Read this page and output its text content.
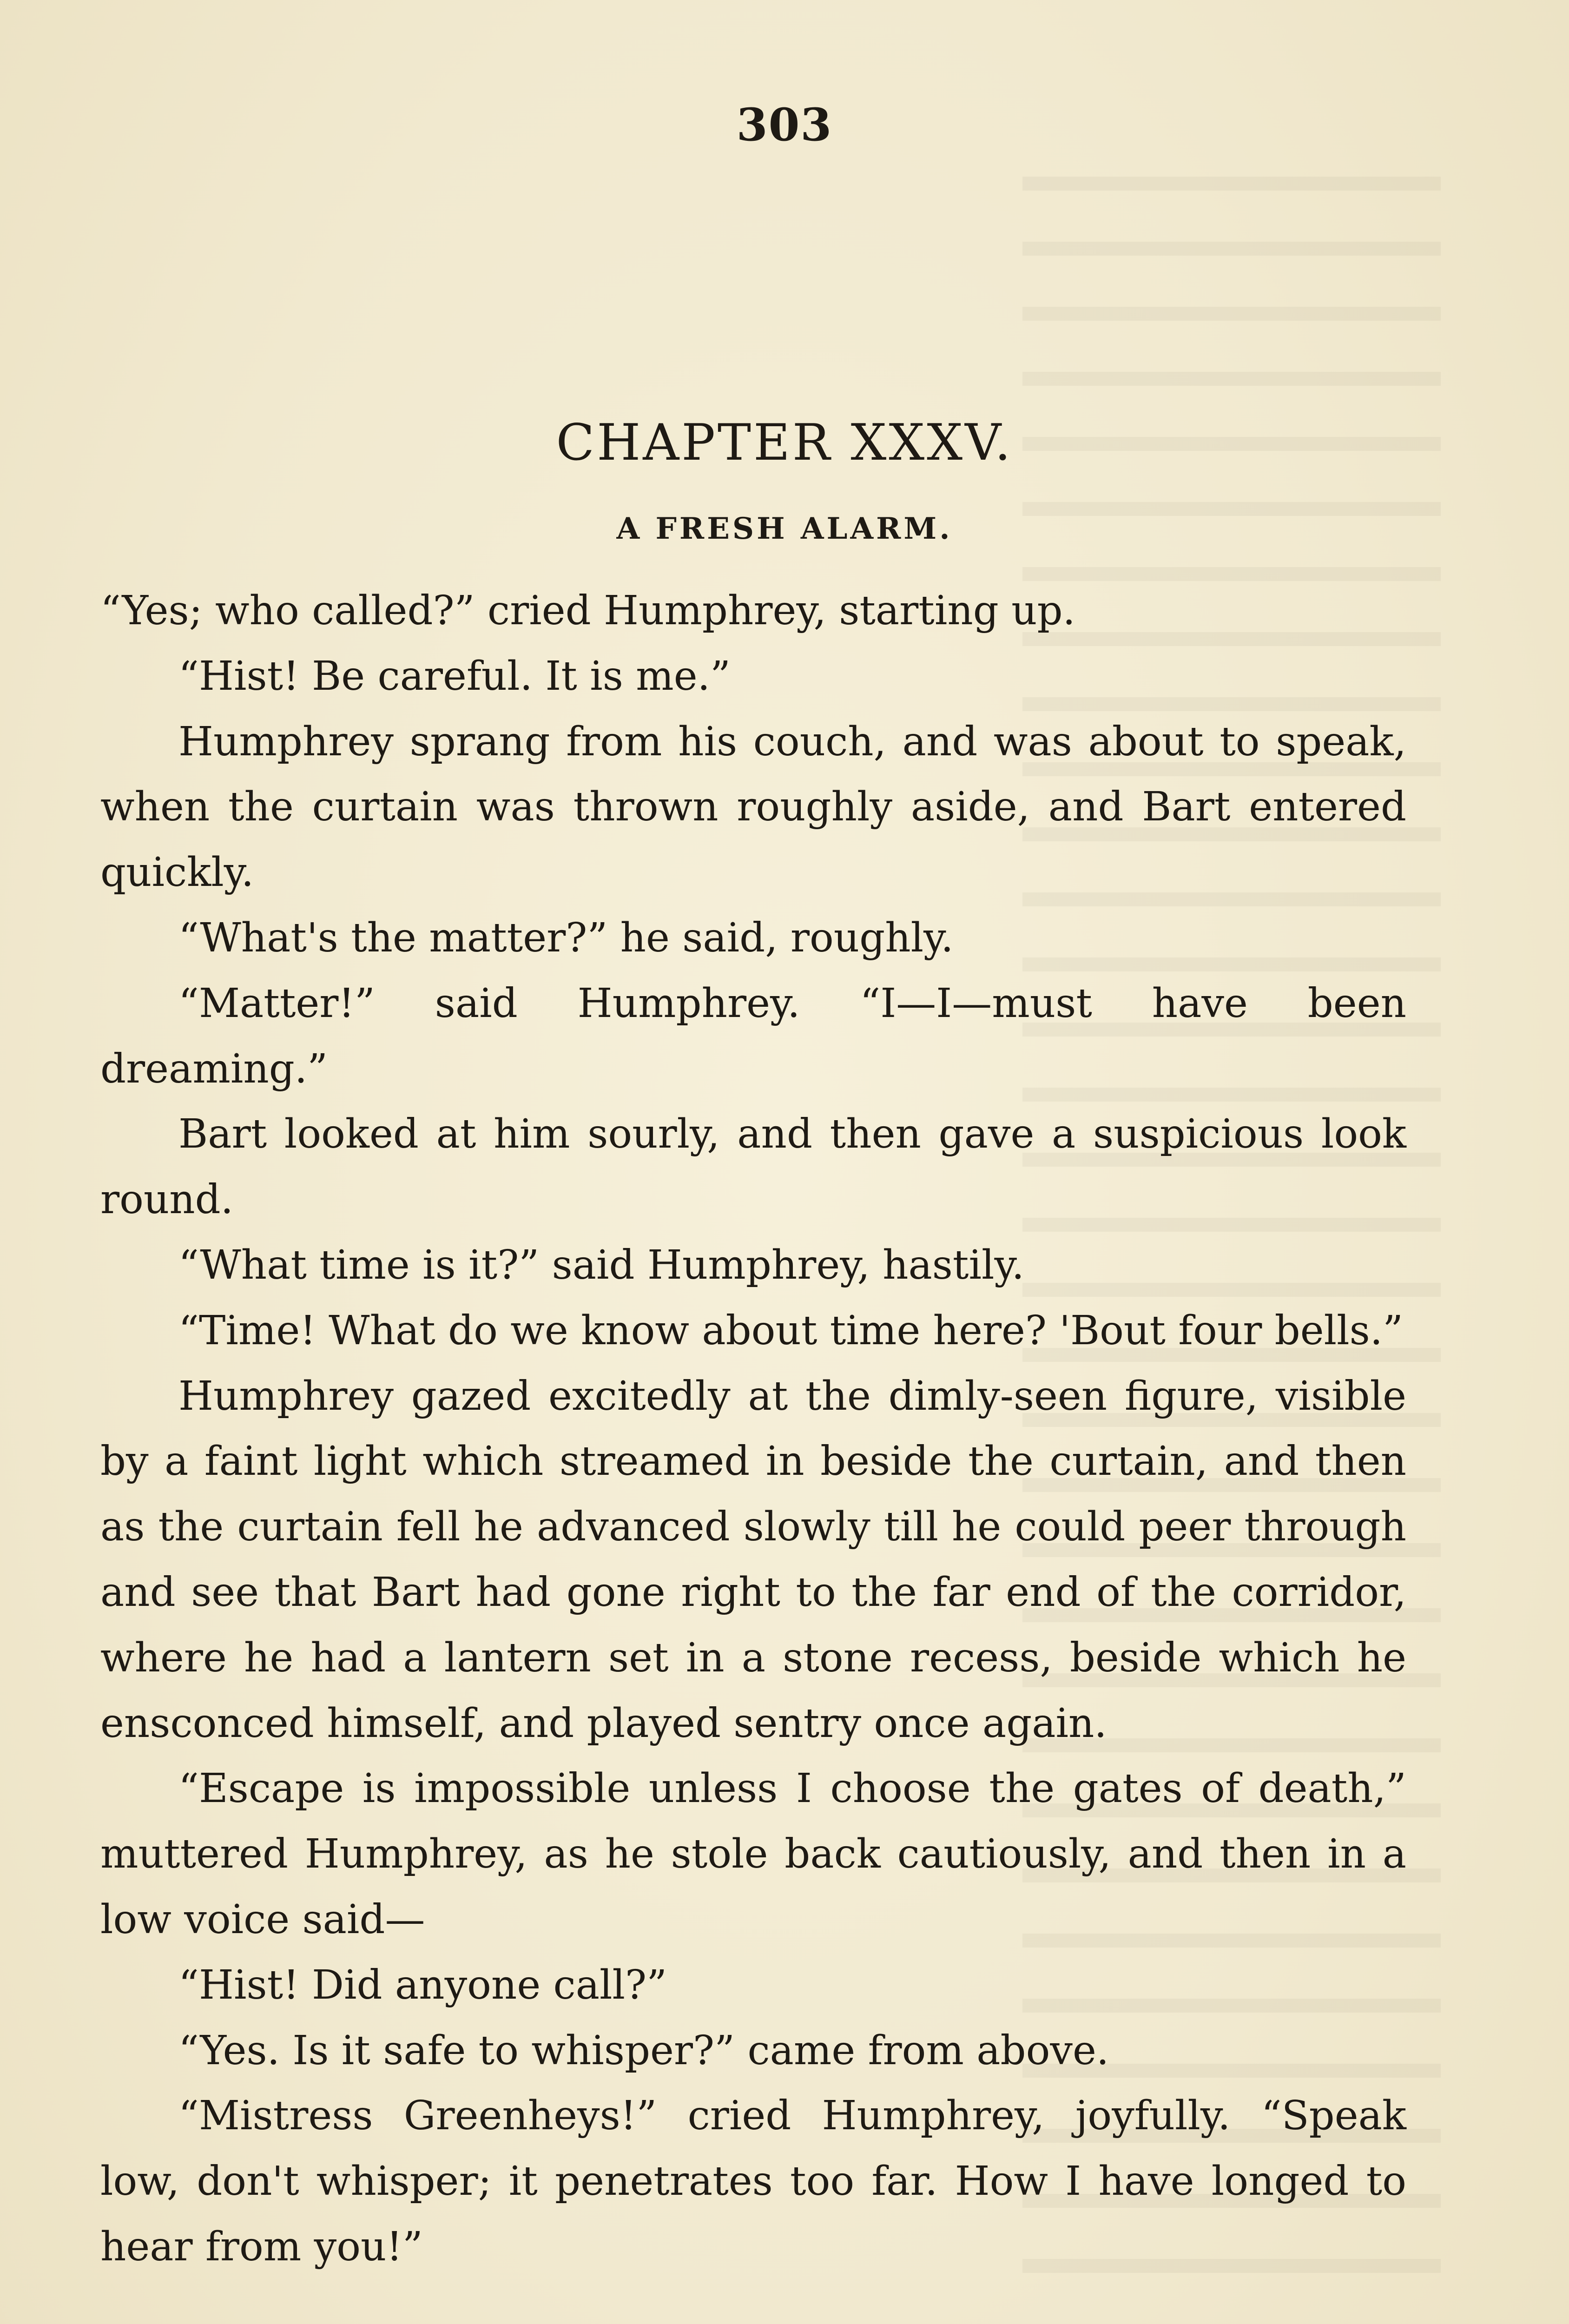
303
CHAPTER XXXV.
A FRESH ALARM.

“Yes; who called?” cried Humphrey, starting up.

“Hist! Be careful. It is me.”

Humphrey sprang from his couch, and was about to speak, when the curtain was thrown roughly aside, and Bart entered quickly.

“What's the matter?” he said, roughly.

“Matter!” said Humphrey. “I—I—must have been dreaming.”

Bart looked at him sourly, and then gave a suspicious look round.

“What time is it?” said Humphrey, hastily.

“Time! What do we know about time here? 'Bout four bells.”

Humphrey gazed excitedly at the dimly-seen figure, visible by a faint light which streamed in beside the curtain, and then as the curtain fell he advanced slowly till he could peer through and see that Bart had gone right to the far end of the corridor, where he had a lantern set in a stone recess, beside which he ensconced himself, and played sentry once again.

“Escape is impossible unless I choose the gates of death,” muttered Humphrey, as he stole back cautiously, and then in a low voice said—

“Hist! Did anyone call?”

“Yes. Is it safe to whisper?” came from above.

“Mistress Greenheys!” cried Humphrey, joyfully. “Speak low, don't whisper; it penetrates too far. How I have longed to hear from you!”
